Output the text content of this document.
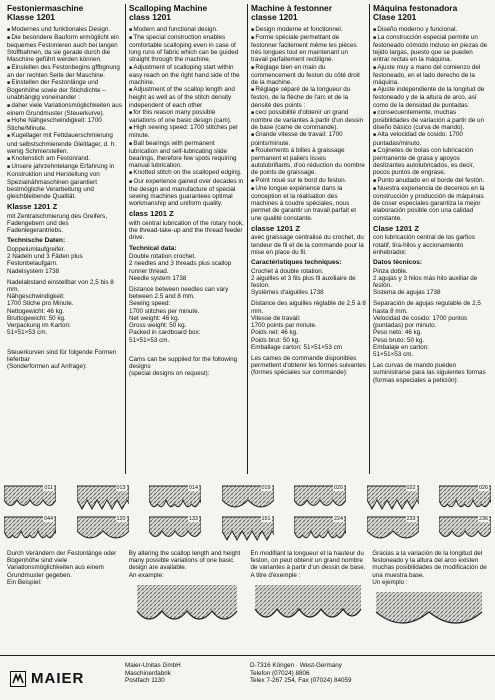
Festoniermaschine
Klasse 1201

■ Modernes und funktionales Design.

■ Die besondere Bauform ermöglicht ein bequemes Festonieren auch bei langen Stoffbahnen, da sie gerade durch die Maschine geführt werden können.

■ Einstellen des Festonbegins gffbgnung an der rechten Seite der Maschine.

■ Einstellen der Festonlänge und Bogenhöhe sowie der Stichdichte – unabhängig voneinander :

■ daher viele Variationsmöglichkeiten aus einem Grundmuster (Steuerkurve).

■ Hohe Nähgeschwindigkeit: 1700 Stiche/Minute.

■ Kugellager mit Fettdauerschmierung und selbstschmierende Gleitlager, d. h. wenig Schmierstellen.

■ Knotenstich am Festonrand.

■ Unsere jahrzehntelange Erfahrung in Konstruktion und Herstellung von Spezialnähmaschinen garantiert bestmögliche Verarbeitung und gleichbleibende Qualität.

Klasse 1201 Z

mit Zentralschmierung des Greifers, Fadengebern und des Fadenlegerantriebs.

Technische Daten:

Doppelumlaufgreifer.
2 Nadeln und 3 Fäden plus Festonbelaufgarn.
Nadelsystem 1738

Nadelabstand einstellbar von 2,5 bis 8 mm.
Nähgeschwindigkeit:
1700 Stiche pro Minute.
Nettogewicht: 46 kg.
Bruttogewicht: 50 kg.
Verpackung im Karton:
51×51×53 cm.

Steuerkurven sind für folgende Formen lieferbar
(Sonderformen auf Anfrage):

Scalloping Machine
class 1201

■ Modern and functional design.

■ The special construction enables comfortable scalloping even in case of long runs of fabric which can be guided straight through the machine.

■ Adjustment of scalloping start within easy reach on the right hand side of the machine.

■ Adjustment of the scallop length and height as well as of the stitch density independent of each other

■ for this reason many possible variations of one basic design (cam).

■ High sewing speed: 1700 stitches per minute.

■ Ball bearings with permanent lubrication and self-lubricating slide bearings, therefore few spots requiring manual lubrication.

■ Knotted stitch on the scalloped edging.

■ Our experience gained over decades in the design and manufacture of special sewing machines guarantees optimal workmanship and uniform quality.

class 1201 Z

with central lubrication of the rotary hook, the thread-take-up and the thread feeder drive.

Technical data:

Double rotation crochet.
2 needles and 3 threads plus scallop runner thread.
Needle system 1738

Distance between needles can vary between 2.5 and 8 mm.
Sewing speed:
1700 stitches per minute.
Net weight: 46 kg.
Gross weight: 50 kg.
Packed in cardboard box:
51×51×53 cm.

Cams can be supplied for the following designs
(special designs on request):

Machine à festonner
classe 1201

■ Design moderne et fonctionnel.

■ Forme spéciale permettant de festonner facilement même les pièces très longues tout en maintenant un travail parfaitement rectiligne.

■ Réglage bien en main du commencement du feston du côté droit de la machine.

■ Réglage séparé de la longueur du feston, de la flèche de l'arc et de la densité des points :

■ ceci possibilité d'obtenir un grand nombre de variantes à partir d'un dessin de base (came de commande).

■ Grande vitesse de travail: 1700 points/minute.

■ Roulements à billes à graissage permanent et paliers lisses autolubrifiants, d'où réduction du nombre de points de graissage.

■ Point noué sur le bord du feston.

■ Une longue expérience dans la conception et la réalisation des machines à coudre spéciales, nous permet de garantir un travail parfait et une qualité constante.

classe 1201 Z

avec graissage centralisé du crochet, du tendeur de fil et de la commande pour la mise en place du fil.

Caractéristiques techniques:

Crochet à double rotation.
2 aiguilles et 3 fils plus fil auxiliaire de feston.
Systèmes d'aiguilles 1738

Distance des aiguilles réglable de 2,5 à 8 mm.
Vitesse de travail:
1700 points par minute.
Poids net: 46 kg.
Poids brut: 50 kg.
Emballage carton: 51×51×53 cm

Les cames de commande disponibles permettent d'obtenir les formes suivantes (formes spéciales sur commande):

Máquina festonadora
Clase 1201

■ Diseño moderno y funcional.

■ La construcción especial permite un festoneado cómodo incluso en piezas de tejido largas, puesto que se pueden entrar rectas en la máquina.

■ Ajuste muy a mano del comienzo del festoneado, en el lado derecho de la máquina.

■ Ajuste independiente de la longitud de festoneado y de la altura de arco, así como de la densidad de puntadas:

■ consecuentemente, muchas posibilidades de variación a partir de un diseño básico (curva de mando).

■ Alta velocidad de cosido: 1700 puntadas/minuto.

■ Cojinetes de bolas con lubricación permanente de grasa y apoyos deslizantes autolubricados, es decir, pocos puntos de engrase.

■ Punto anudado en el borde del festón.

■ Nuestra experiencia de decenios en la construcción y producción de máquinas de coser especiales garantiza la mejor elaboración posible con una calidad constante.

Clase 1201 Z

con lubricación central de los garfios rotatif, tira-hilos y accionamiento enhebrador.

Datos técnicos:

Pinza doble.
2 agujas y 3 hilos más hilo auxiliar de festón.
Sistema de agujas 1738

Separación de agujas regulable de 2,5 hasta 8 mm.
Velocidad de cosido: 1700 puntos (puntadas) por minuto.
Peso neto: 46 kg.
Peso bruto: 50 kg.
Embalaje en carton:
51×51×53 cm.

Las curvas de mando pueden suministrarse para las siguientes formas (formas especiales a petición):

011	013	014	019	020	022	026
044	120	133	151	224	233	236

Durch Verändern der Festonlänge oder Bogenhöhe sind viele Variationsmöglichkeiten aus einem Grundmuster gegeben.
Ein Beispiel:

By altering the scallop length and height many possible variations of one basic design are available.
An example:

En modifiant la longueur et la hauteur du feston, on peut obtenir un grand nombre de variantes à partir d'un dessin de base.
A titre d'exemple :

Gracias a la variación de la longitud del festoneado y la altura del arco existen muchas posibilidades de modificación de una muestra base.
Un ejemplo :

MAIER
Maier-Unitas GmbH
Maschinenfabrik
Postfach 1130
D-7316 Köngen · West-Germany
Telefon (07024) 8806
Telex 7-267 254, Fax (07024) 84059
